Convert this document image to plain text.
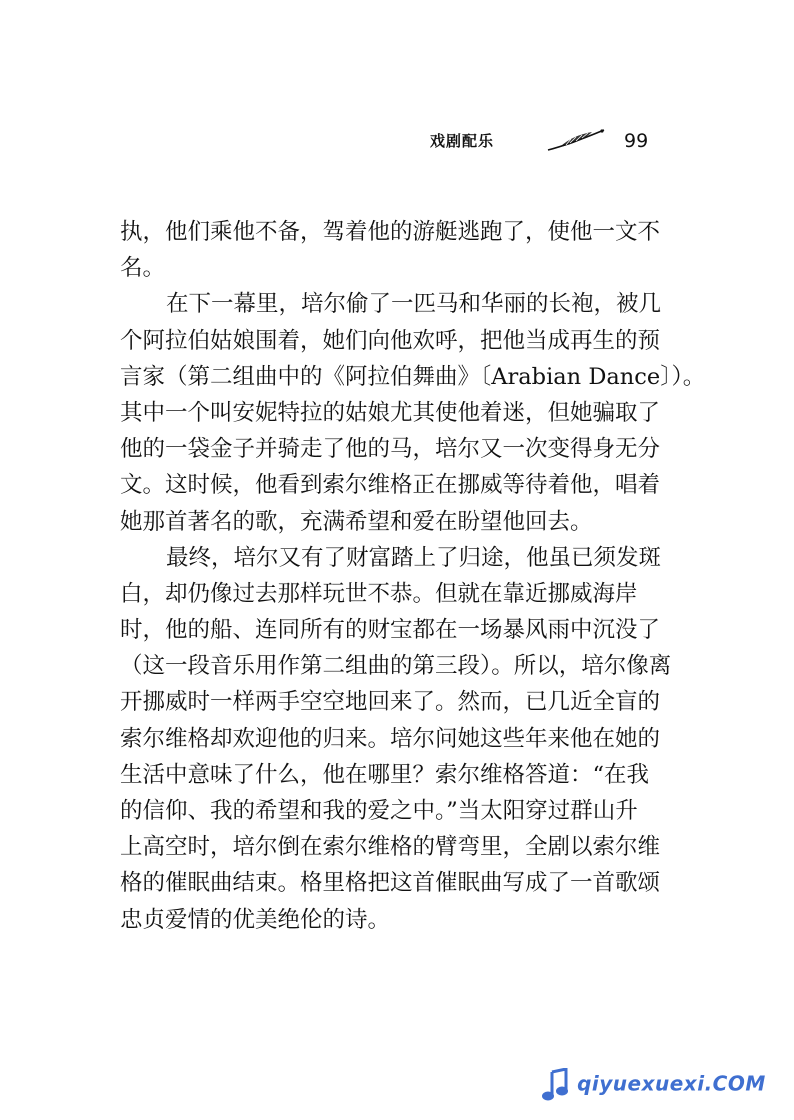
戏剧配乐	99
执，他们乘他不备，驾着他的游艇逃跑了，使他一文不
名。
在下一幕里，培尔偷了一匹马和华丽的长袍，被几
个阿拉伯姑娘围着，她们向他欢呼，把他当成再生的预
言家（第二组曲中的《阿拉伯舞曲》〔Arabian Dance〕）。
其中一个叫安妮特拉的姑娘尤其使他着迷，但她骗取了
他的一袋金子并骑走了他的马，培尔又一次变得身无分
文。这时候，他看到索尔维格正在挪威等待着他，唱着
她那首著名的歌，充满希望和爱在盼望他回去。
最终，培尔又有了财富踏上了归途，他虽已须发斑
白，却仍像过去那样玩世不恭。但就在靠近挪威海岸
时，他的船、连同所有的财宝都在一场暴风雨中沉没了
（这一段音乐用作第二组曲的第三段）。所以，培尔像离
开挪威时一样两手空空地回来了。然而，已几近全盲的
索尔维格却欢迎他的归来。培尔问她这些年来他在她的
生活中意味了什么，他在哪里？索尔维格答道：“在我
的信仰、我的希望和我的爱之中。”当太阳穿过群山升
上高空时，培尔倒在索尔维格的臂弯里，全剧以索尔维
格的催眠曲结束。格里格把这首催眠曲写成了一首歌颂
忠贞爱情的优美绝伦的诗。
qiyuexuexi.COM
